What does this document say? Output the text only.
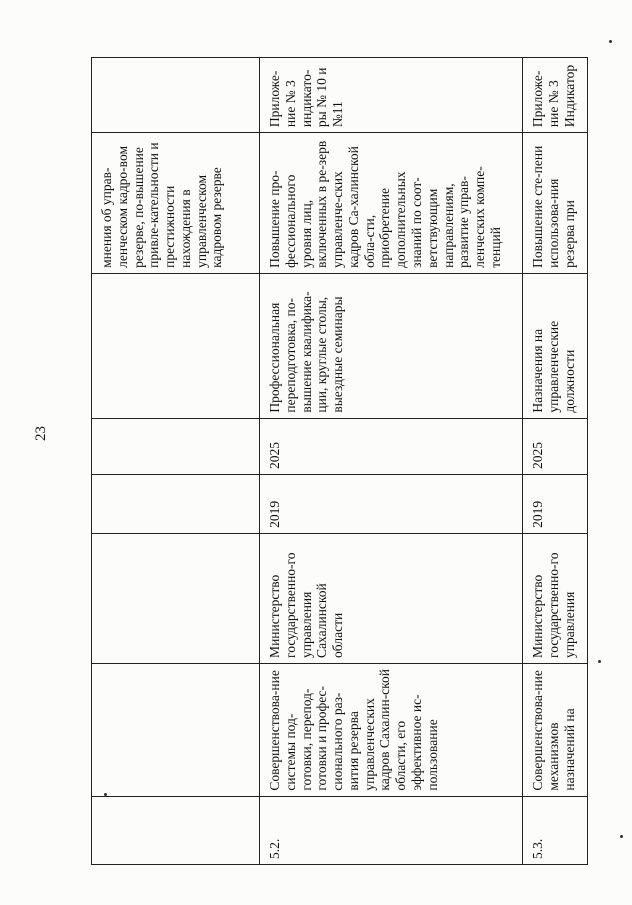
23
						мнения об управ-ленческом кадро-вом резерве, по-вышение привле-кательности и престижности нахождения в управленческом кадровом резерве	
5.2.	Совершенствова-ние системы под-готовки, перепод-готовки и профес-сионального раз-вития резерва управленческих кадров Сахалин-ской области, его эффективное ис-пользование	Министерство государственно-го управления Сахалинской области	2019	2025	Профессиональная переподготовка, по-вышение квалифика-ции, круглые столы, выездные семинары	Повышение про-фессионального уровня лиц, включенных в ре-зерв управленче-ских кадров Са-халинской обла-сти, приобретение дополнительных знаний по соот-ветствующим направлениям, развитие управ-ленческих компе-тенций	Приложе-ние № 3 индикато-ры № 10 и №11
5.3.	Совершенствова-ние механизмов назначений на	Министерство государственно-го управления	2019	2025	Назначения на управленческие должности	Повышение сте-пени использова-ния резерва при	Приложе-ние № 3 Индикатор
